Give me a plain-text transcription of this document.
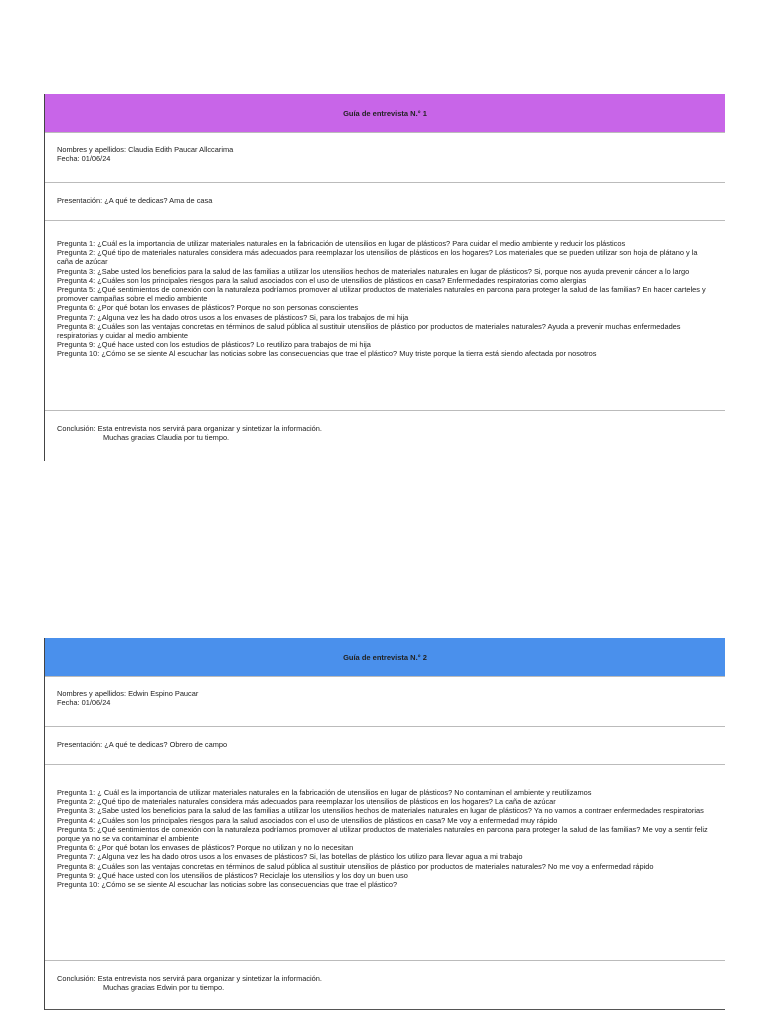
Guía de entrevista N.° 1
Nombres y apellidos: Claudia Edith Paucar Allccarima
Fecha: 01/06/24
Presentación: ¿A qué te dedicas? Ama de casa
Pregunta 1: ¿Cuál es la importancia de utilizar materiales naturales en la fabricación de utensilios en lugar de plásticos? Para cuidar el medio ambiente y reducir los plásticos
Pregunta 2: ¿Qué tipo de materiales naturales considera más adecuados para reemplazar los utensilios de plásticos en los hogares? Los materiales que se pueden utilizar son hoja de plátano y la caña de azúcar
Pregunta 3: ¿Sabe usted los beneficios para la salud de las familias a utilizar los utensilios hechos de materiales naturales en lugar de plásticos? Si, porque nos ayuda prevenir cáncer a lo largo
Pregunta 4: ¿Cuáles son los principales riesgos para la salud asociados con el uso de utensilios de plásticos en casa? Enfermedades respiratorias como alergias
Pregunta 5: ¿Qué sentimientos de conexión con la naturaleza podríamos promover al utilizar productos de materiales naturales en parcona para proteger la salud de las familias? En hacer carteles y promover campañas sobre el medio ambiente
Pregunta 6: ¿Por qué botan los envases de plásticos? Porque no son personas conscientes
Pregunta 7: ¿Alguna vez les ha dado otros usos a los envases de plásticos? Si, para los trabajos de mi hija
Pregunta 8: ¿Cuáles son las ventajas concretas en términos de salud pública al sustituir utensilios de plástico por productos de materiales naturales? Ayuda a prevenir muchas enfermedades respiratorias y cuidar al medio ambiente
Pregunta 9: ¿Qué hace usted con los estudios de plásticos? Lo reutilizo para trabajos de mi hija
Pregunta 10: ¿Cómo se se siente Al escuchar las noticias sobre las consecuencias que trae el plástico? Muy triste porque la tierra está siendo afectada por nosotros
Conclusión: Esta entrevista nos servirá para organizar y sintetizar la información.
Muchas gracias Claudia por tu tiempo.
Guía de entrevista N.° 2
Nombres y apellidos: Edwin Espino Paucar
Fecha: 01/06/24
Presentación: ¿A qué te dedicas? Obrero de campo
Pregunta 1: ¿ Cuál es la importancia de utilizar materiales naturales en la fabricación de utensilios en lugar de plásticos? No contaminan el ambiente y reutilizamos
Pregunta 2: ¿Qué tipo de materiales naturales considera más adecuados para reemplazar los utensilios de plásticos en los hogares? La caña de azúcar
Pregunta 3: ¿Sabe usted los beneficios para la salud de las familias a utilizar los utensilios hechos de materiales naturales en lugar de plásticos? Ya no vamos a contraer enfermedades respiratorias
Pregunta 4: ¿Cuáles son los principales riesgos para la salud asociados con el uso de utensilios de plásticos en casa? Me voy a enfermedad muy rápido
Pregunta 5: ¿Qué sentimientos de conexión con la naturaleza podríamos promover al utilizar productos de materiales naturales en parcona para proteger la salud de las familias? Me voy a sentir feliz porque ya no se va contaminar el ambiente
Pregunta 6: ¿Por qué botan los envases de plásticos? Porque no utilizan y no lo necesitan
Pregunta 7: ¿Alguna vez les ha dado otros usos a los envases de plásticos? Si, las botellas de plástico los utilizo para llevar agua a mi trabajo
Pregunta 8: ¿Cuáles son las ventajas concretas en términos de salud pública al sustituir utensilios de plástico por productos de materiales naturales? No me voy a enfermedad rápido
Pregunta 9: ¿Qué hace usted con los utensilios de plásticos? Reciclaje los utensilios y los doy un buen uso
Pregunta 10: ¿Cómo se se siente Al escuchar las noticias sobre las consecuencias que trae el plástico?
Conclusión: Esta entrevista nos servirá para organizar y sintetizar la información.
Muchas gracias Edwin por tu tiempo.
